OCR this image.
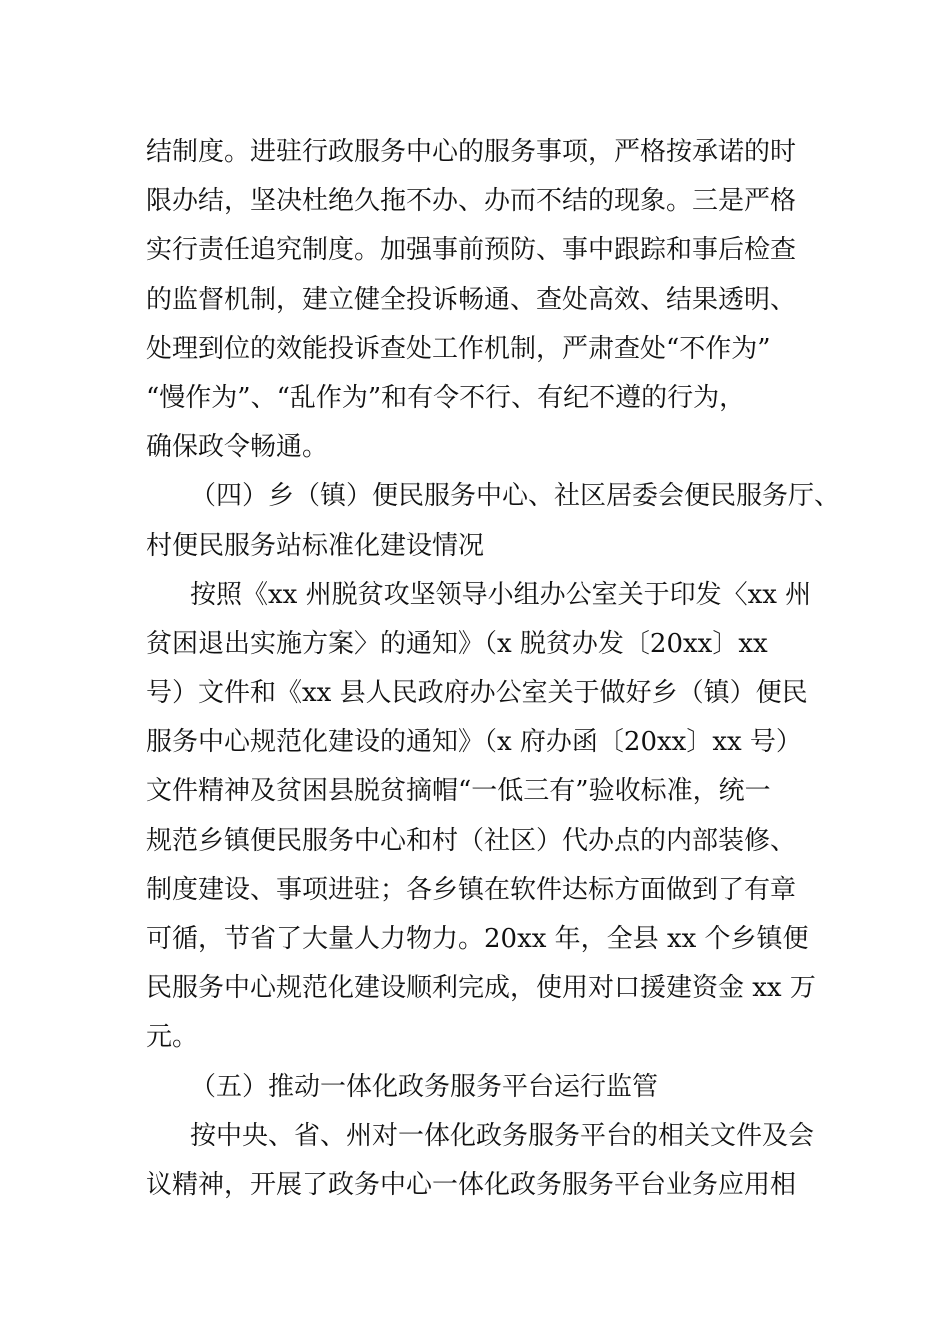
结制度。进驻行政服务中心的服务事项，严格按承诺的时

限办结，坚决杜绝久拖不办、办而不结的现象。三是严格

实行责任追究制度。加强事前预防、事中跟踪和事后检查

的监督机制，建立健全投诉畅通、查处高效、结果透明、

处理到位的效能投诉查处工作机制，严肃查处“不作为”

“慢作为”、“乱作为”和有令不行、有纪不遵的行为，

确保政令畅通。

（四）乡（镇）便民服务中心、社区居委会便民服务厅、

村便民服务站标准化建设情况

按照《xx 州脱贫攻坚领导小组办公室关于印发〈xx 州

贫困退出实施方案〉的通知》（x 脱贫办发〔20xx〕xx

号）文件和《xx 县人民政府办公室关于做好乡（镇）便民

服务中心规范化建设的通知》（x 府办函〔20xx〕xx 号）

文件精神及贫困县脱贫摘帽“一低三有”验收标准，统一

规范乡镇便民服务中心和村（社区）代办点的内部装修、

制度建设、事项进驻；各乡镇在软件达标方面做到了有章

可循，节省了大量人力物力。20xx 年，全县 xx 个乡镇便

民服务中心规范化建设顺利完成，使用对口援建资金 xx 万

元。

（五）推动一体化政务服务平台运行监管

按中央、省、州对一体化政务服务平台的相关文件及会

议精神，开展了政务中心一体化政务服务平台业务应用相
